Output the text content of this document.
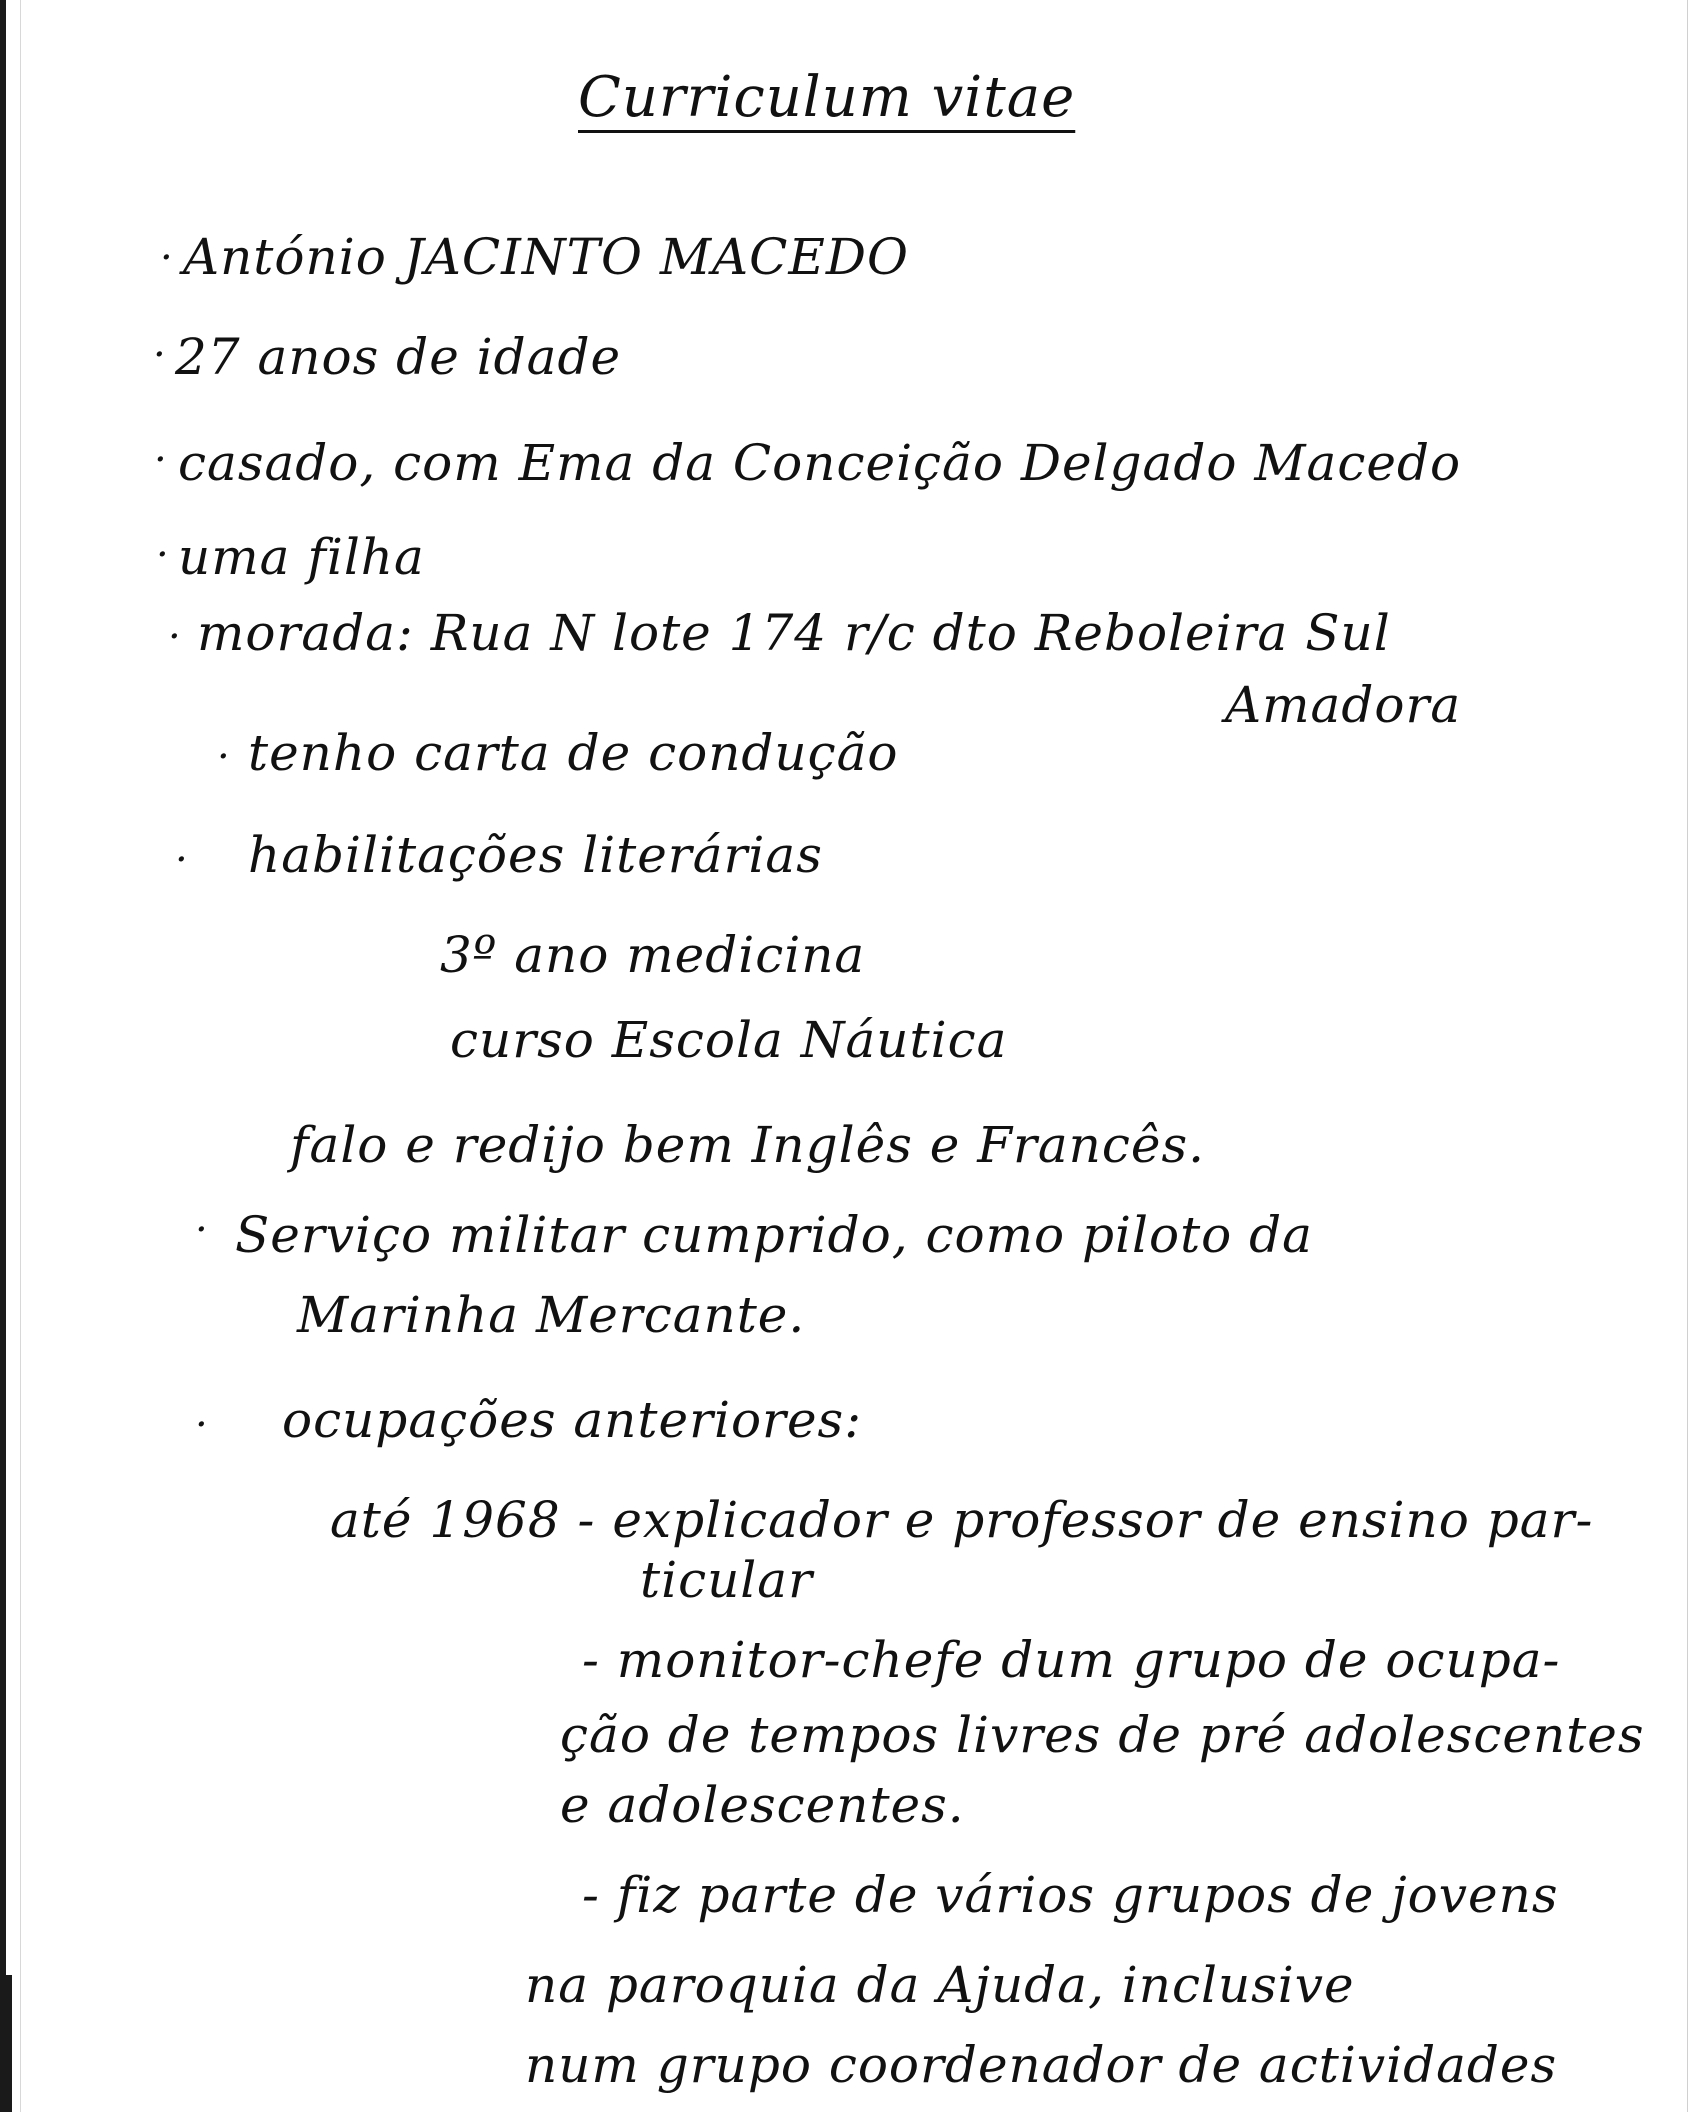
Curriculum vitae
· António JACINTO MACEDO
· 27 anos de idade
· casado, com Ema da Conceição Delgado Macedo
· uma filha
· morada: Rua N lote 174 r/c dto Reboleira Sul
Amadora
· tenho carta de condução
· habilitações literárias
3º ano medicina
curso Escola Náutica
falo e redijo bem Inglês e Francês.
· Serviço militar cumprido, como piloto da
Marinha Mercante.
· ocupações anteriores:
até 1968 - explicador e professor de ensino par-
ticular
- monitor-chefe dum grupo de ocupa-
ção de tempos livres de pré adolescentes
e adolescentes.
- fiz parte de vários grupos de jovens
na paroquia da Ajuda, inclusive
num grupo coordenador de actividades
